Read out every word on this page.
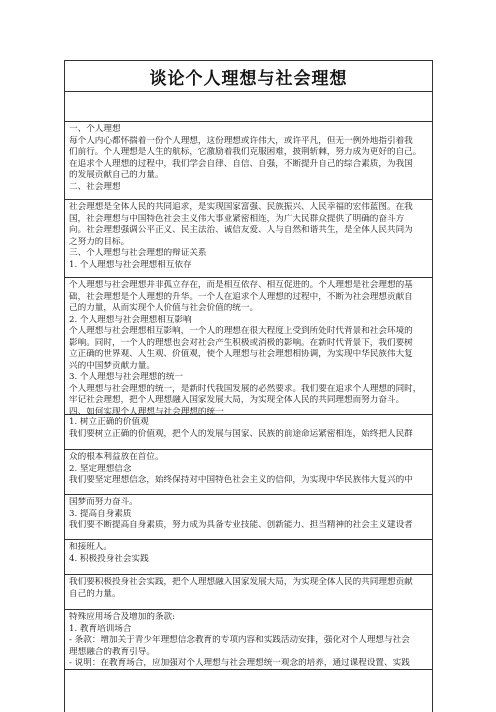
谈论个人理想与社会理想
一、个人理想
每个人内心都怀揣着一份个人理想，这份理想或许伟大，或许平凡，但无一例外地指引着我
们前行。个人理想是人生的航标，它激励着我们克服困难，披荆斩棘，努力成为更好的自己。
在追求个人理想的过程中，我们学会自律、自信、自强，不断提升自己的综合素质，为我国
的发展贡献自己的力量。
二、社会理想
社会理想是全体人民的共同追求，是实现国家富强、民族振兴、人民幸福的宏伟蓝图。在我
国，社会理想与中国特色社会主义伟大事业紧密相连，为广大民群众提供了明确的奋斗方
向。社会理想强调公平正义、民主法治、诚信友爱、人与自然和谐共生，是全体人民共同为
之努力的目标。
三、个人理想与社会理想的辩证关系
1. 个人理想与社会理想相互依存
个人理想与社会理想并非孤立存在，而是相互依存、相互促进的。个人理想是社会理想的基
础，社会理想是个人理想的升华。一个人在追求个人理想的过程中，不断为社会理想贡献自
己的力量，从而实现个人价值与社会价值的统一。
2. 个人理想与社会理想相互影响
个人理想与社会理想相互影响，一个人的理想在很大程度上受到所处时代背景和社会环境的
影响。同时，一个人的理想也会对社会产生积极或消极的影响。在新时代背景下，我们要树
立正确的世界观、人生观、价值观，使个人理想与社会理想相协调，为实现中华民族伟大复
兴的中国梦贡献力量。
3. 个人理想与社会理想的统一
个人理想与社会理想的统一，是新时代我国发展的必然要求。我们要在追求个人理想的同时，
牢记社会理想，把个人理想融入国家发展大局，为实现全体人民的共同理想而努力奋斗。
四、如何实现个人理想与社会理想的统一
1. 树立正确的价值观
我们要树立正确的价值观，把个人的发展与国家、民族的前途命运紧密相连，始终把人民群
众的根本利益放在首位。
2. 坚定理想信念
我们要坚定理想信念，始终保持对中国特色社会主义的信仰，为实现中华民族伟大复兴的中
国梦而努力奋斗。
3. 提高自身素质
我们要不断提高自身素质，努力成为具备专业技能、创新能力、担当精神的社会主义建设者
和接班人。
4. 积极投身社会实践
我们要积极投身社会实践，把个人理想融入国家发展大局，为实现全体人民的共同理想贡献
自己的力量。
特殊应用场合及增加的条款:
1. 教育培训场合
- 条款：增加关于青少年理想信念教育的专项内容和实践活动安排，强化对个人理想与社会
理想融合的教育引导。
- 说明：在教育场合，应加强对个人理想与社会理想统一观念的培养，通过课程设置、实践
